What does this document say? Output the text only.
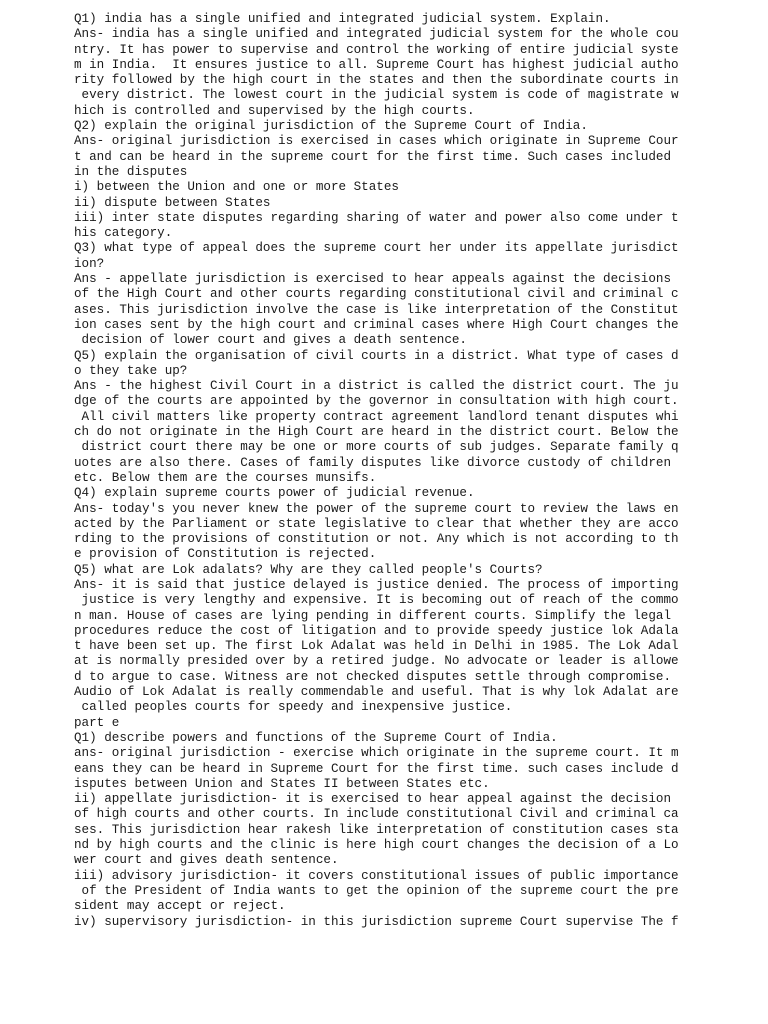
Q1) india has a single unified and integrated judicial system. Explain.
Ans- india has a single unified and integrated judicial system for the whole cou
ntry. It has power to supervise and control the working of entire judicial syste
m in India.  It ensures justice to all. Supreme Court has highest judicial autho
rity followed by the high court in the states and then the subordinate courts in
every district. The lowest court in the judicial system is code of magistrate w
hich is controlled and supervised by the high courts.
Q2) explain the original jurisdiction of the Supreme Court of India.
Ans- original jurisdiction is exercised in cases which originate in Supreme Cour
t and can be heard in the supreme court for the first time. Such cases included
in the disputes
i) between the Union and one or more States
ii) dispute between States
iii) inter state disputes regarding sharing of water and power also come under t
his category.
Q3) what type of appeal does the supreme court her under its appellate jurisdict
ion?
Ans - appellate jurisdiction is exercised to hear appeals against the decisions
of the High Court and other courts regarding constitutional civil and criminal c
ases. This jurisdiction involve the case is like interpretation of the Constitut
ion cases sent by the high court and criminal cases where High Court changes the
decision of lower court and gives a death sentence.
Q5) explain the organisation of civil courts in a district. What type of cases d
o they take up?
Ans - the highest Civil Court in a district is called the district court. The ju
dge of the courts are appointed by the governor in consultation with high court.
All civil matters like property contract agreement landlord tenant disputes whi
ch do not originate in the High Court are heard in the district court. Below the
district court there may be one or more courts of sub judges. Separate family q
uotes are also there. Cases of family disputes like divorce custody of children
etc. Below them are the courses munsifs.
Q4) explain supreme courts power of judicial revenue.
Ans- today's you never knew the power of the supreme court to review the laws en
acted by the Parliament or state legislative to clear that whether they are acco
rding to the provisions of constitution or not. Any which is not according to th
e provision of Constitution is rejected.
Q5) what are Lok adalats? Why are they called people's Courts?
Ans- it is said that justice delayed is justice denied. The process of importing
justice is very lengthy and expensive. It is becoming out of reach of the commo
n man. House of cases are lying pending in different courts. Simplify the legal
procedures reduce the cost of litigation and to provide speedy justice lok Adala
t have been set up. The first Lok Adalat was held in Delhi in 1985. The Lok Adal
at is normally presided over by a retired judge. No advocate or leader is allowe
d to argue to case. Witness are not checked disputes settle through compromise.
Audio of Lok Adalat is really commendable and useful. That is why lok Adalat are
called peoples courts for speedy and inexpensive justice.
part e
Q1) describe powers and functions of the Supreme Court of India.
ans- original jurisdiction - exercise which originate in the supreme court. It m
eans they can be heard in Supreme Court for the first time. such cases include d
isputes between Union and States II between States etc.
ii) appellate jurisdiction- it is exercised to hear appeal against the decision
of high courts and other courts. In include constitutional Civil and criminal ca
ses. This jurisdiction hear rakesh like interpretation of constitution cases sta
nd by high courts and the clinic is here high court changes the decision of a Lo
wer court and gives death sentence.
iii) advisory jurisdiction- it covers constitutional issues of public importance
of the President of India wants to get the opinion of the supreme court the pre
sident may accept or reject.
iv) supervisory jurisdiction- in this jurisdiction supreme Court supervise The f
